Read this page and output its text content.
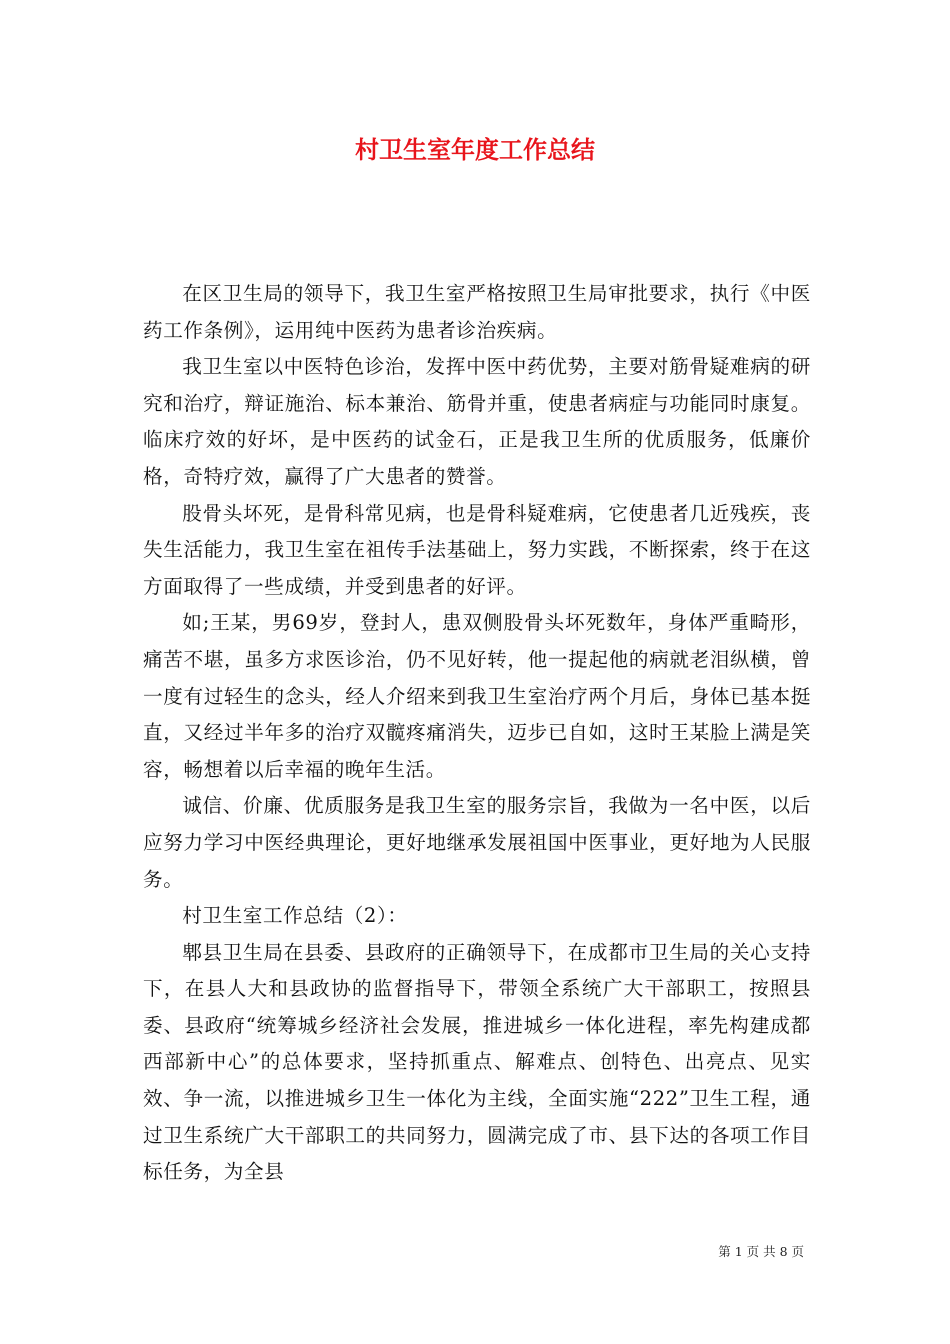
村卫生室年度工作总结

在区卫生局的领导下，我卫生室严格按照卫生局审批要求，执行《中医药工作条例》，运用纯中医药为患者诊治疾病。

我卫生室以中医特色诊治，发挥中医中药优势，主要对筋骨疑难病的研究和治疗，辩证施治、标本兼治、筋骨并重，使患者病症与功能同时康复。临床疗效的好坏，是中医药的试金石，正是我卫生所的优质服务，低廉价格，奇特疗效，赢得了广大患者的赞誉。

股骨头坏死，是骨科常见病，也是骨科疑难病，它使患者几近残疾，丧失生活能力，我卫生室在祖传手法基础上，努力实践，不断探索，终于在这方面取得了一些成绩，并受到患者的好评。

如;王某，男69岁，登封人，患双侧股骨头坏死数年，身体严重畸形，痛苦不堪，虽多方求医诊治，仍不见好转，他一提起他的病就老泪纵横，曾一度有过轻生的念头，经人介绍来到我卫生室治疗两个月后，身体已基本挺直，又经过半年多的治疗双髋疼痛消失，迈步已自如，这时王某脸上满是笑容，畅想着以后幸福的晚年生活。

诚信、价廉、优质服务是我卫生室的服务宗旨，我做为一名中医，以后应努力学习中医经典理论，更好地继承发展祖国中医事业，更好地为人民服务。

村卫生室工作总结（2）：

郫县卫生局在县委、县政府的正确领导下，在成都市卫生局的关心支持下，在县人大和县政协的监督指导下，带领全系统广大干部职工，按照县委、县政府“统筹城乡经济社会发展，推进城乡一体化进程，率先构建成都西部新中心”的总体要求，坚持抓重点、解难点、创特色、出亮点、见实效、争一流，以推进城乡卫生一体化为主线，全面实施“222”卫生工程，通过卫生系统广大干部职工的共同努力，圆满完成了市、县下达的各项工作目标任务，为全县

第 1 页 共 8 页
